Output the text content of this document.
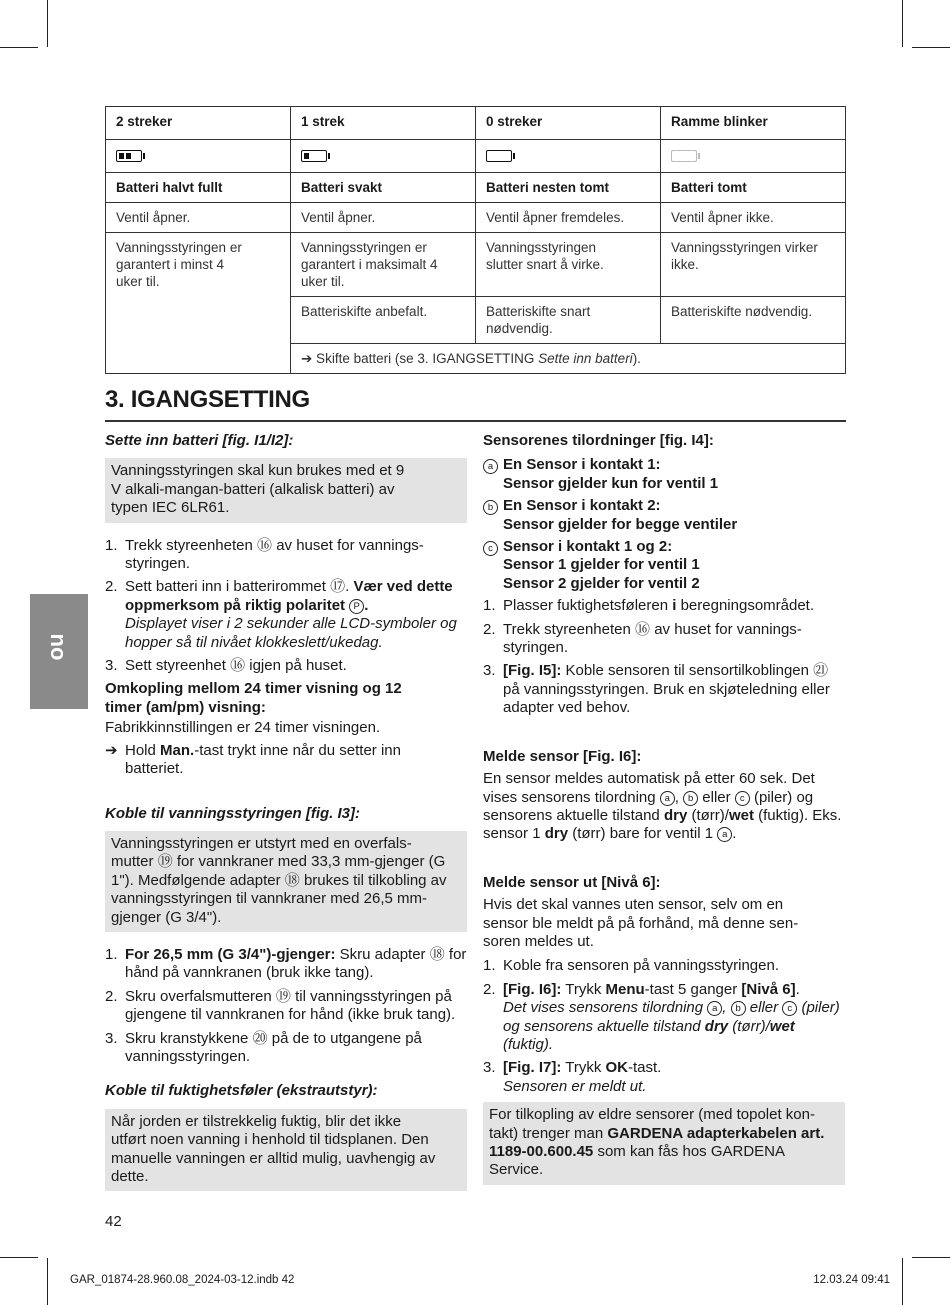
2 streker	1 strek	0 streker	Ramme blinker

Batteri halvt fullt	Batteri svakt	Batteri nesten tomt	Batteri tomt
Ventil åpner.	Ventil åpner.	Ventil åpner fremdeles.	Ventil åpner ikke.
Vanningsstyringen er garantert i minst 4 uker til.	Vanningsstyringen er garantert i maksimalt 4 uker til.	Vanningsstyringen slutter snart å virke.	Vanningsstyringen virker ikke.
	Batteriskifte anbefalt.	Batteriskifte snart nødvendig.	Batteriskifte nødvendig.
	➔ Skifte batteri (se 3. IGANGSETTING Sette inn batteri).		
3. IGANGSETTING
no

Sette inn batteri [fig. I1/I2]:

Vanningsstyringen skal kun brukes med et 9 V alkali-mangan-batteri (alkalisk batteri) av typen IEC 6LR61.
1. Trekk styreenheten ⑯ av huset for vanningsstyringen.
2. Sett batteri inn i batterirommet ⑰. Vær ved dette oppmerksom på riktig polaritet P .
Displayet viser i 2 sekunder alle LCD-symboler og hopper så til nivået klokkeslett/ukedag.
3. Sett styreenhet ⑯ igjen på huset.

Omkopling mellom 24 timer visning og 12 timer (am/pm) visning:

Fabrikkinnstillingen er 24 timer visningen.

➔ Hold Man.-tast trykt inne når du setter inn batteriet.

Koble til vanningsstyringen [fig. I3]:

Vanningsstyringen er utstyrt med en overfalsmutter ⑲ for vannkraner med 33,3 mm-gjenger (G 1"). Medfølgende adapter ⑱ brukes til tilkobling av vanningsstyringen til vannkraner med 26,5 mm-gjenger (G 3/4").
1. For 26,5 mm (G 3/4")-gjenger: Skru adapter ⑱ for hånd på vannkranen (bruk ikke tang).
2. Skru overfalsmutteren ⑲ til vanningsstyringen på gjengene til vannkranen for hånd (ikke bruk tang).
3. Skru kranstykkene ⑳ på de to utgangene på vanningsstyringen.

Koble til fuktighetsføler (ekstrautstyr):

Når jorden er tilstrekkelig fuktig, blir det ikke utført noen vanning i henhold til tidsplanen. Den manuelle vanningen er alltid mulig, uavhengig av dette.

Sensorenes tilordninger [fig. I4]:

a En Sensor i kontakt 1:
Sensor gjelder kun for ventil 1
b En Sensor i kontakt 2:
Sensor gjelder for begge ventiler
c Sensor i kontakt 1 og 2:
Sensor 1 gjelder for ventil 1
Sensor 2 gjelder for ventil 2
1. Plasser fuktighetsføleren i beregningsområdet.
2. Trekk styreenheten ⑯ av huset for vanningsstyringen.
3. [Fig. I5]: Koble sensoren til sensortilkoblingen ㉑ på vanningsstyringen. Bruk en skjøteledning eller adapter ved behov.

Melde sensor [Fig. I6]:

En sensor meldes automatisk på etter 60 sek. Det vises sensorens tilordning a , b eller c (piler) og sensorens aktuelle tilstand dry (tørr)/wet (fuktig). Eks. sensor 1 dry (tørr) bare for ventil 1 a .

Melde sensor ut [Nivå 6]:

Hvis det skal vannes uten sensor, selv om en sensor ble meldt på på forhånd, må denne sensoren meldes ut.

1. Koble fra sensoren på vanningsstyringen.
2. [Fig. I6]: Trykk Menu-tast 5 ganger [Nivå 6].
Det vises sensorens tilordning a , b eller c (piler) og sensorens aktuelle tilstand dry (tørr)/wet (fuktig).
3. [Fig. I7]: Trykk OK-tast.
Sensoren er meldt ut.
For tilkopling av eldre sensorer (med topolet kontakt) trenger man GARDENA adapterkabelen art. 1189-00.600.45 som kan fås hos GARDENA Service.
42
GAR_01874-28.960.08_2024-03-12.indb 42	12.03.24 09:41
